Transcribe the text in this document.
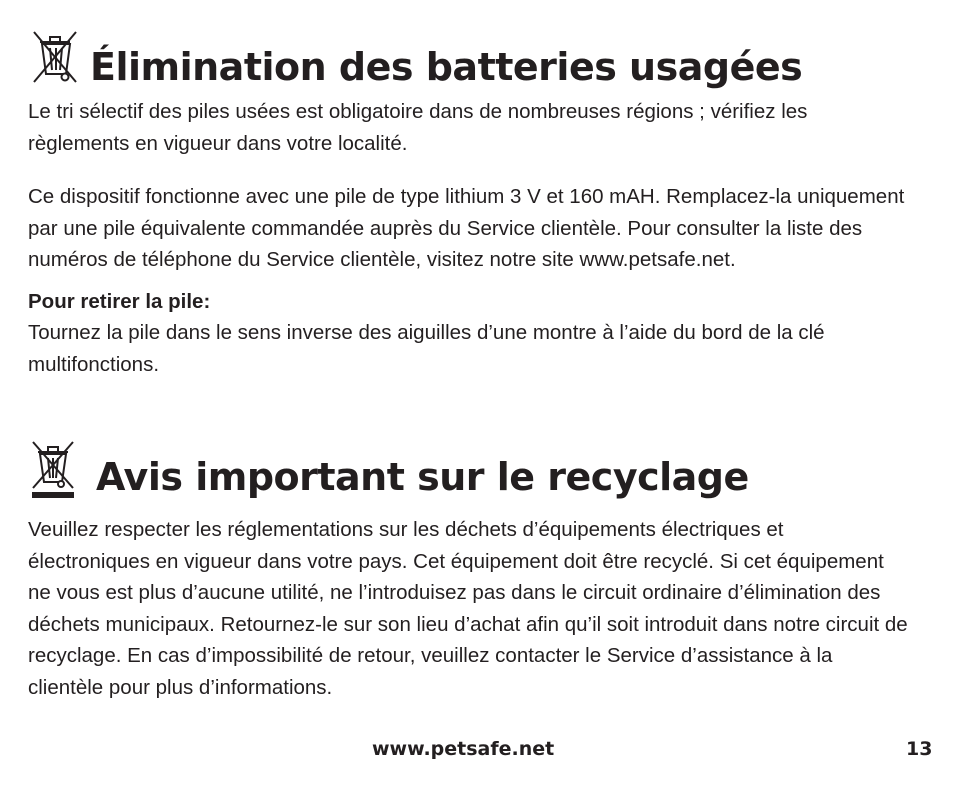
Élimination des batteries usagées

Le tri sélectif des piles usées est obligatoire dans de nombreuses régions ; vérifiez les règlements en vigueur dans votre localité.

Ce dispositif fonctionne avec une pile de type lithium 3 V et 160 mAH. Remplacez-la uniquement par une pile équivalente commandée auprès du Service clientèle. Pour consulter la liste des numéros de téléphone du Service clientèle, visitez notre site www.petsafe.net.

Pour retirer la pile:

Tournez la pile dans le sens inverse des aiguilles d’une montre à l’aide du bord de la clé multifonctions.

Avis important sur le recyclage

Veuillez respecter les réglementations sur les déchets d’équipements électriques et électroniques en vigueur dans votre pays. Cet équipement doit être recyclé. Si cet équipement ne vous est plus d’aucune utilité, ne l’introduisez pas dans le circuit ordinaire d’élimination des déchets municipaux. Retournez-le sur son lieu d’achat afin qu’il soit introduit dans notre circuit de recyclage. En cas d’impossibilité de retour, veuillez contacter le Service d’assistance à la clientèle pour plus d’informations.

www.petsafe.net	13
